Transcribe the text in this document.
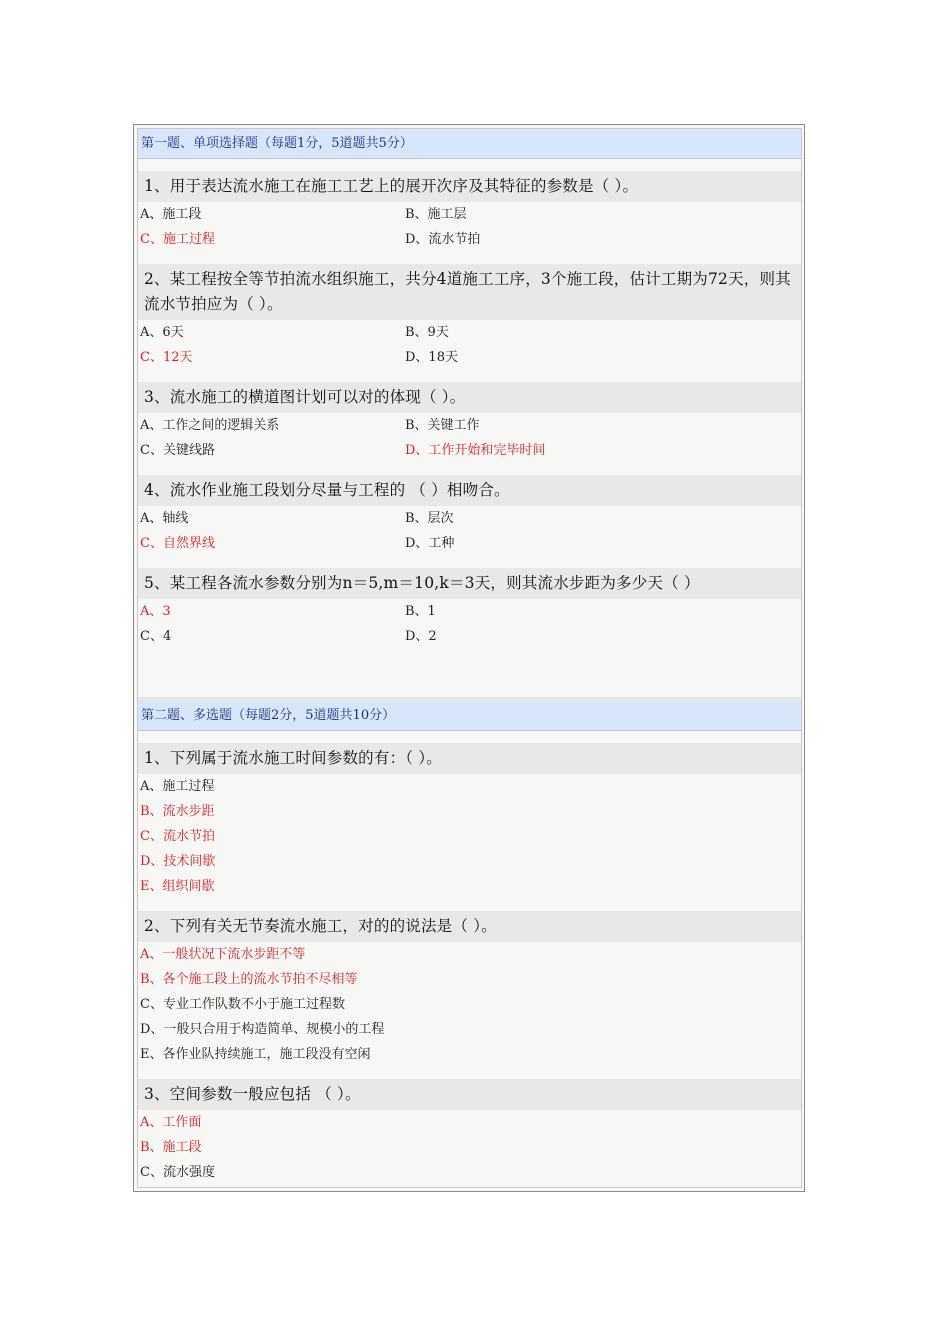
第一题、单项选择题（每题1分，5道题共5分）
1、用于表达流水施工在施工工艺上的展开次序及其特征的参数是（ ）。
A、施工段	B、施工层
C、施工过程	D、流水节拍
2、某工程按全等节拍流水组织施工，共分4道施工工序，3个施工段，估计工期为72天，则其流水节拍应为（ ）。
A、6天	B、9天
C、12天	D、18天
3、流水施工的横道图计划可以对的体现（ ）。
A、工作之间的逻辑关系	B、关键工作
C、关键线路	D、工作开始和完毕时间
4、流水作业施工段划分尽量与工程的 （ ）相吻合。
A、轴线	B、层次
C、自然界线	D、工种
5、某工程各流水参数分别为n＝5,m＝10,k＝3天，则其流水步距为多少天（ ）
A、3	B、1
C、4	D、2
第二题、多选题（每题2分，5道题共10分）
1、下列属于流水施工时间参数的有：（ ）。
A、施工过程
B、流水步距
C、流水节拍
D、技术间歇
E、组织间歇
2、下列有关无节奏流水施工，对的的说法是（ ）。
A、一般状况下流水步距不等
B、各个施工段上的流水节拍不尽相等
C、专业工作队数不小于施工过程数
D、一般只合用于构造简单、规模小的工程
E、各作业队持续施工，施工段没有空闲
3、空间参数一般应包括 （ ）。
A、工作面
B、施工段
C、流水强度
